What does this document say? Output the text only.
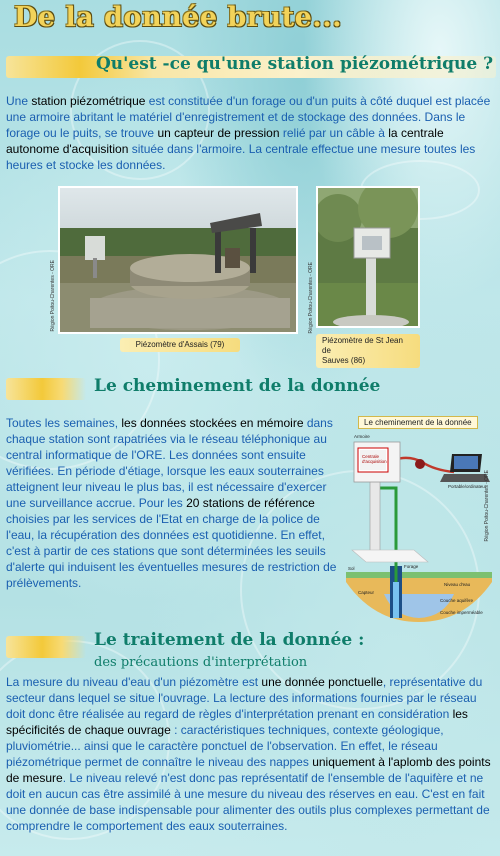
De la donnée brute...
Qu'est -ce qu'une station piézométrique ?
Une station piézométrique est constituée d'un forage ou d'un puits à côté duquel est placée une armoire abritant le matériel d'enregistrement et de stockage des données. Dans le forage ou le puits, se trouve un capteur de pression relié par un câble à la centrale autonome d'acquisition située dans l'armoire. La centrale effectue une mesure toutes les heures et stocke les données.
Région Poitou-Charentes - ORE
Piézomètre d'Assais (79)
Région Poitou-Charentes - ORE
Piézomètre de St Jean de
Sauves (86)
Le cheminement de la donnée
Toutes les semaines, les données stockées en mémoire dans chaque station sont rapatriées via le réseau téléphonique au central informatique de l'ORE. Les données sont ensuite vérifiées. En période d'étiage, lorsque les eaux souterraines atteignent leur niveau le plus bas, il est nécessaire d'exercer une surveillance accrue. Pour les 20 stations de référence choisies par les services de l'Etat en charge de la police de l'eau, la récupération des données est quotidienne. En effet, c'est à partir de ces stations que sont déterminées les seuils d'alerte qui induisent les éventuelles mesures de restriction de prélèvements.
Le cheminement de la donnée
Armoire
Centrale d'acquisition
Portable/ordinateur
Sol	Forage
Capteur
Niveau d'eau
Couche aquifère
Couche imperméable
Région Poitou-Charentes - ORE
Le traitement de la donnée :
des précautions d'interprétation
La mesure du niveau d'eau d'un piézomètre est une donnée ponctuelle, représentative du secteur dans lequel se situe l'ouvrage. La lecture des informations fournies par le réseau doit donc être réalisée au regard de règles d'interprétation prenant en considération les spécificités de chaque ouvrage : caractéristiques techniques, contexte géologique, pluviométrie... ainsi que le caractère ponctuel de l'observation. En effet, le réseau piézométrique permet de connaître le niveau des nappes uniquement à l'aplomb des points de mesure. Le niveau relevé n'est donc pas représentatif de l'ensemble de l'aquifère et ne doit en aucun cas être assimilé à une mesure du niveau des réserves en eau. C'est en fait une donnée de base indispensable pour alimenter des outils plus complexes permettant de comprendre le comportement des eaux souterraines.
